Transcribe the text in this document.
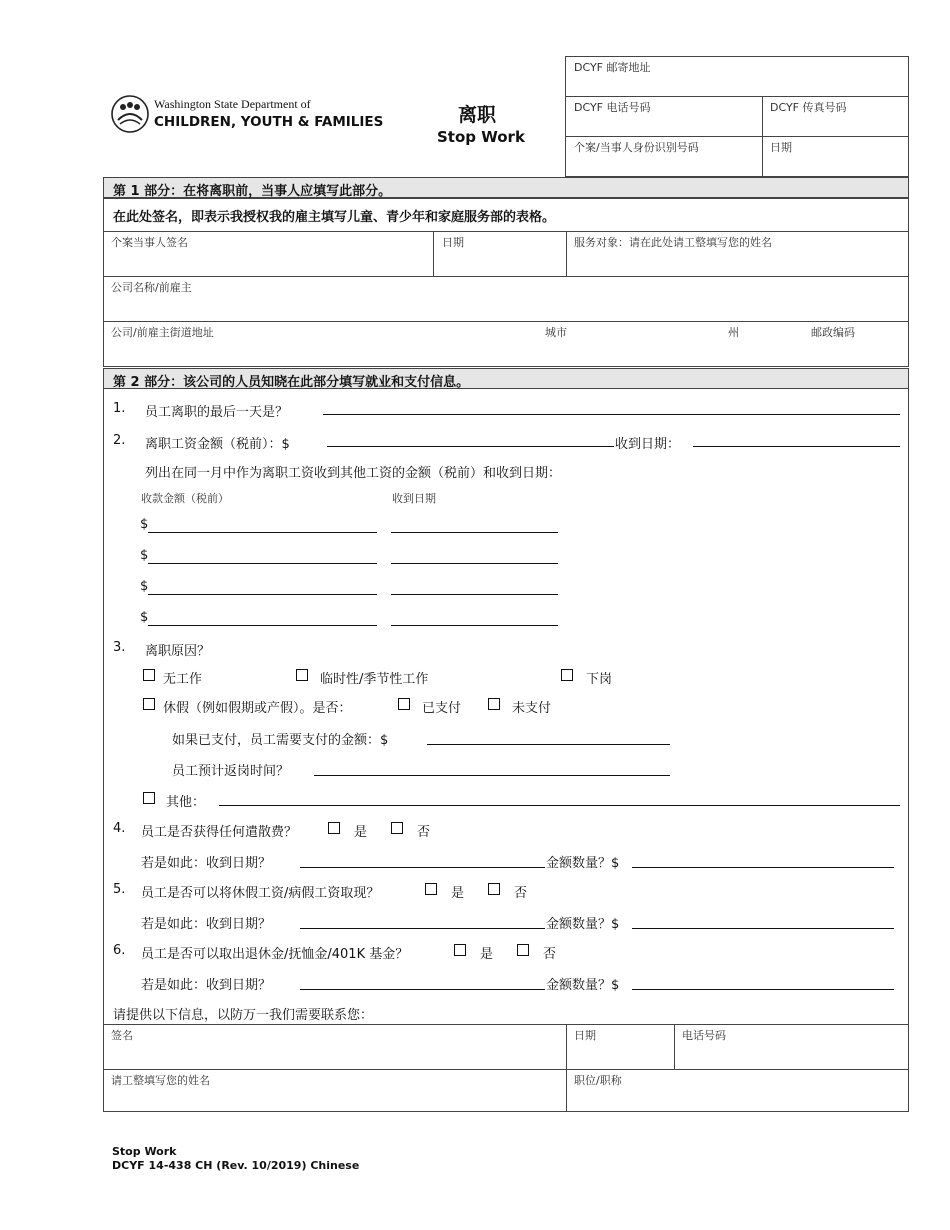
Washington State Department of
CHILDREN, YOUTH & FAMILIES	离职
Stop Work
DCYF 邮寄地址
DCYF 电话号码	DCYF 传真号码
个案/当事人身份识别号码	日期
第 1 部分：在将离职前，当事人应填写此部分。
在此处签名，即表示我授权我的雇主填写儿童、青少年和家庭服务部的表格。
个案当事人签名	日期	服务对象：请在此处请工整填写您的姓名
公司名称/前雇主
公司/前雇主街道地址	城市	州	邮政编码
第 2 部分：该公司的人员知晓在此部分填写就业和支付信息。
1. 员工离职的最后一天是？
2. 离职工资金额（税前）：$	收到日期：
列出在同一月中作为离职工资收到其他工资的金额（税前）和收到日期：
收款金额（税前）	收到日期
$
$
$
$
3. 离职原因？
无工作	临时性/季节性工作	下岗
休假（例如假期或产假）。是否：	已支付	未支付
如果已支付，员工需要支付的金额：$
员工预计返岗时间？
其他：
4. 员工是否获得任何遣散费？	是	否
若是如此：收到日期？	金额数量？$
5. 员工是否可以将休假工资/病假工资取现？	是	否
若是如此：收到日期？	金额数量？$
6. 员工是否可以取出退休金/抚恤金/401K 基金？	是	否
若是如此：收到日期？	金额数量？$
请提供以下信息，以防万一我们需要联系您：
签名	日期	电话号码
请工整填写您的姓名	职位/职称
Stop Work
DCYF 14-438 CH (Rev. 10/2019) Chinese
